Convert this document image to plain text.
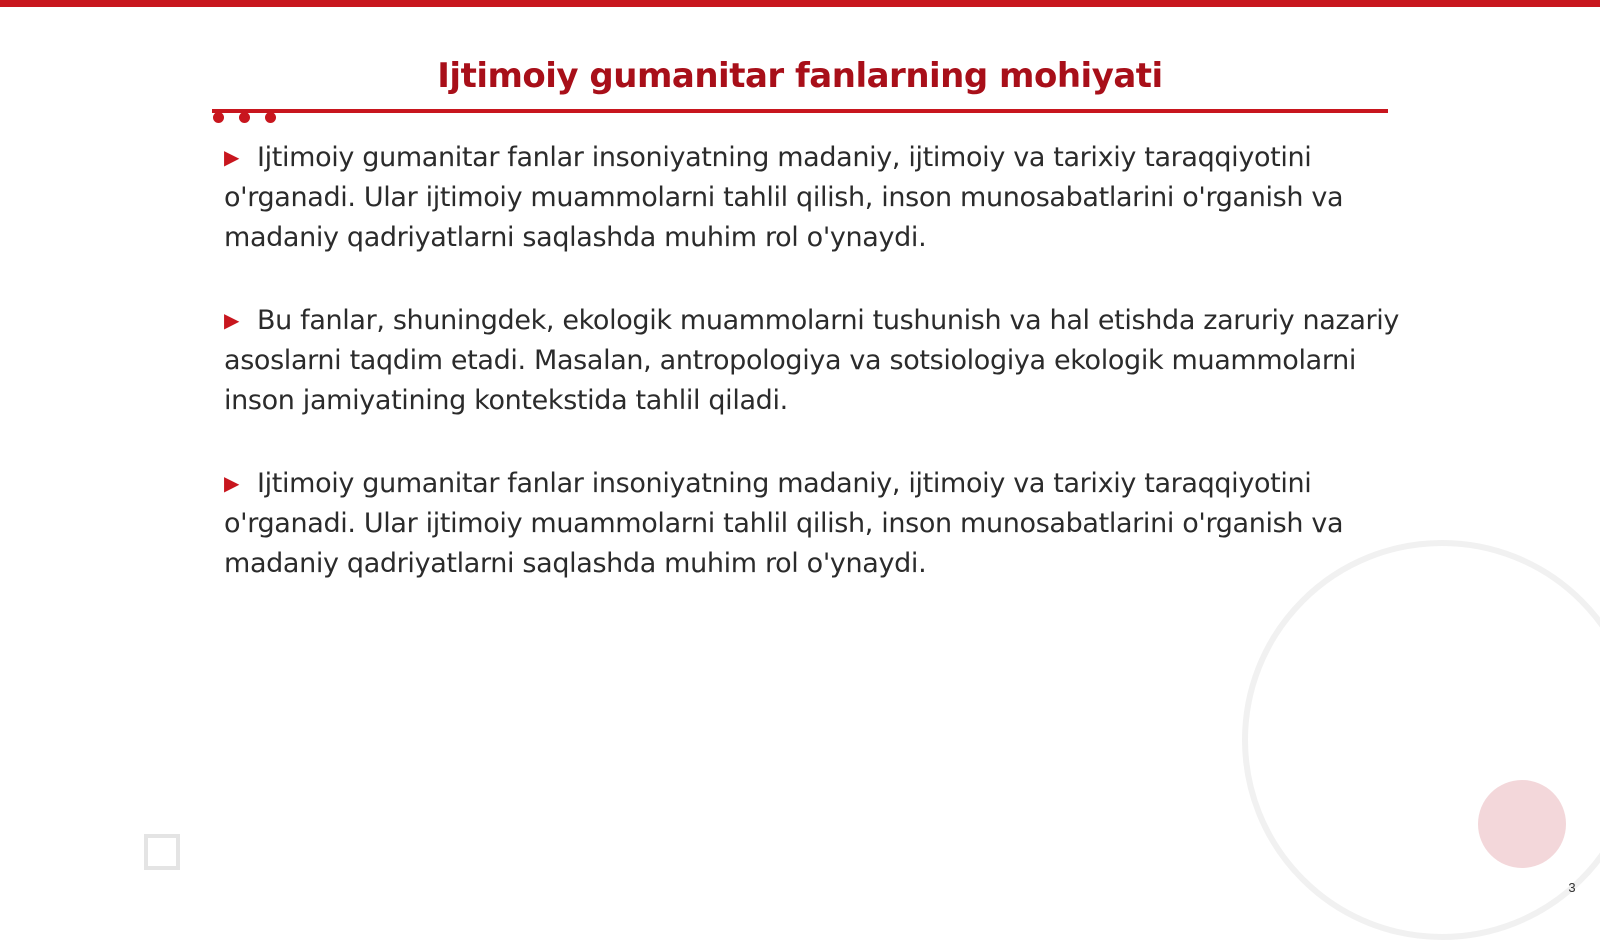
Ijtimoiy gumanitar fanlarning mohiyati
▶ Ijtimoiy gumanitar fanlar insoniyatning madaniy, ijtimoiy va tarixiy taraqqiyotini o'rganadi. Ular ijtimoiy muammolarni tahlil qilish, inson munosabatlarini o'rganish va madaniy qadriyatlarni saqlashda muhim rol o'ynaydi.
▶ Bu fanlar, shuningdek, ekologik muammolarni tushunish va hal etishda zaruriy nazariy asoslarni taqdim etadi. Masalan, antropologiya va sotsiologiya ekologik muammolarni inson jamiyatining kontekstida tahlil qiladi.
▶ Ijtimoiy gumanitar fanlar insoniyatning madaniy, ijtimoiy va tarixiy taraqqiyotini o'rganadi. Ular ijtimoiy muammolarni tahlil qilish, inson munosabatlarini o'rganish va madaniy qadriyatlarni saqlashda muhim rol o'ynaydi.
3
